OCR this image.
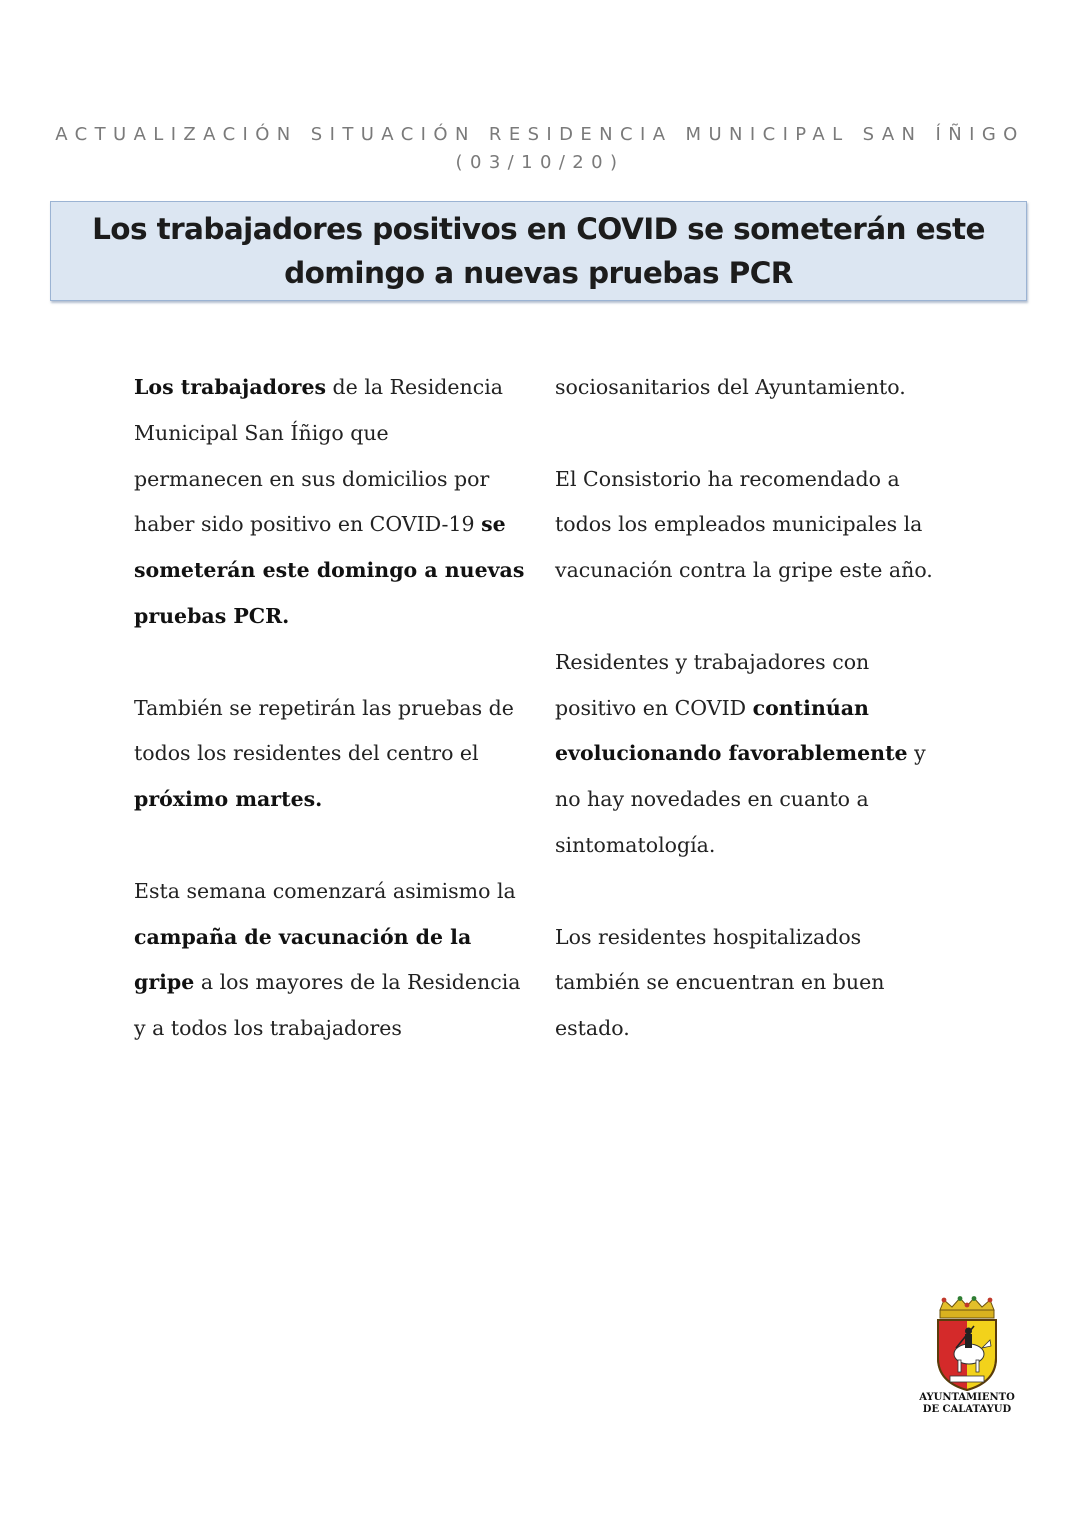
ACTUALIZACIÓN SITUACIÓN RESIDENCIA MUNICIPAL SAN ÍÑIGO
(03/10/20)
Los trabajadores positivos en COVID se someterán este
domingo a nuevas pruebas PCR

Los trabajadores de la Residencia
Municipal San Íñigo que
permanecen en sus domicilios por
haber sido positivo en COVID-19 se
someterán este domingo a nuevas
pruebas PCR.

También se repetirán las pruebas de
todos los residentes del centro el
próximo martes.

Esta semana comenzará asimismo la
campaña de vacunación de la
gripe a los mayores de la Residencia
y a todos los trabajadores

sociosanitarios del Ayuntamiento.

El Consistorio ha recomendado a
todos los empleados municipales la
vacunación contra la gripe este año.

Residentes y trabajadores con
positivo en COVID continúan
evolucionando favorablemente y
no hay novedades en cuanto a
sintomatología.

Los residentes hospitalizados
también se encuentran en buen
estado.

AYUNTAMIENTO
DE CALATAYUD
